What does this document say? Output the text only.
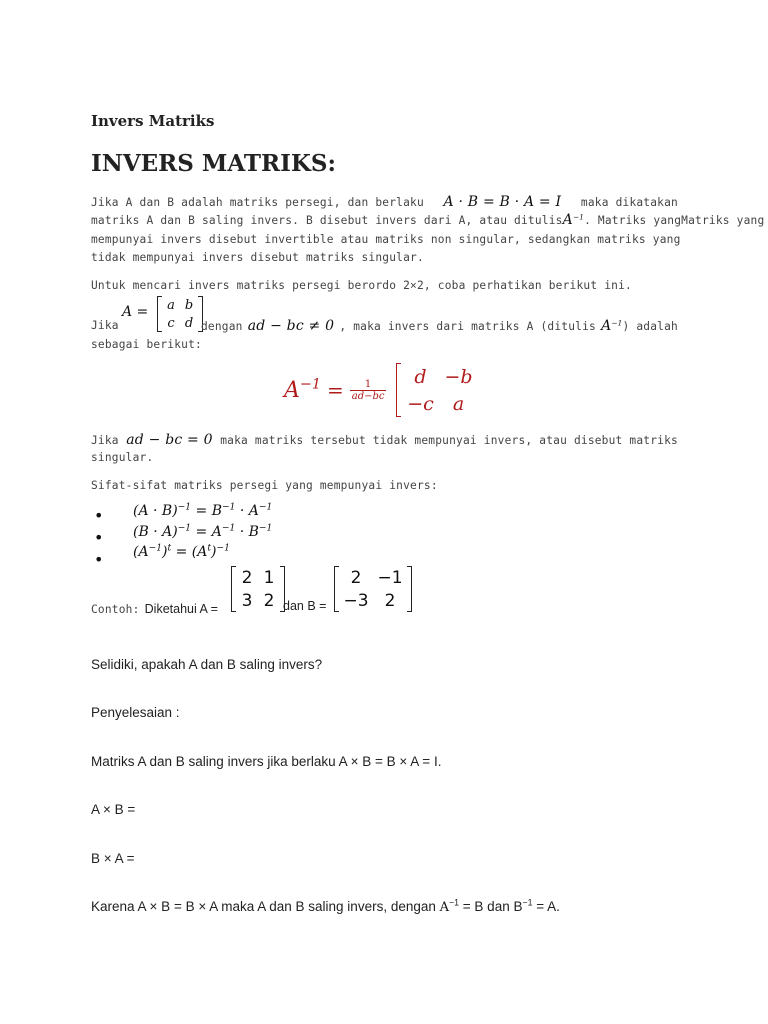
Invers Matriks
INVERS MATRIKS:
Jika A dan B adalah matriks persegi, dan berlaku A · B = B · A = I maka dikatakan
matriks A dan B saling invers. B disebut invers dari A, atau ditulis $A^{-1}$. Matriks yang Matriks yang
mempunyai invers disebut invertible atau matriks non singular, sedangkan matriks yang
tidak mempunyai invers disebut matriks singular.
Untuk mencari invers matriks persegi berordo 2×2, coba perhatikan berikut ini.
Jika
A = a b
c d dengan ad − bc ≠ 0 , maka invers dari matriks A (ditulis $A^{-1}$) adalah
sebagai berikut:
$A^{-1} = \frac{1}{ad-bc}$
d −b
−c a
Jika ad − bc = 0 maka matriks tersebut tidak mempunyai invers, atau disebut matriks
singular.
Sifat-sifat matriks persegi yang mempunyai invers:
• $(A \cdot B)^{-1} = B^{-1} \cdot A^{-1}$
• $(B \cdot A)^{-1} = A^{-1} \cdot B^{-1}$
• $(A^{-1})^t = (A^t)^{-1}$
Contoh: Diketahui A =
2 1
3 2 dan B =
2 −1
−3 2
Selidiki, apakah A dan B saling invers?
Penyelesaian :
Matriks A dan B saling invers jika berlaku A × B = B × A = I.
A × B =
B × A =
Karena A × B = B × A maka A dan B saling invers, dengan $A^{-1} = B$ dan $B^{-1} = A$.
